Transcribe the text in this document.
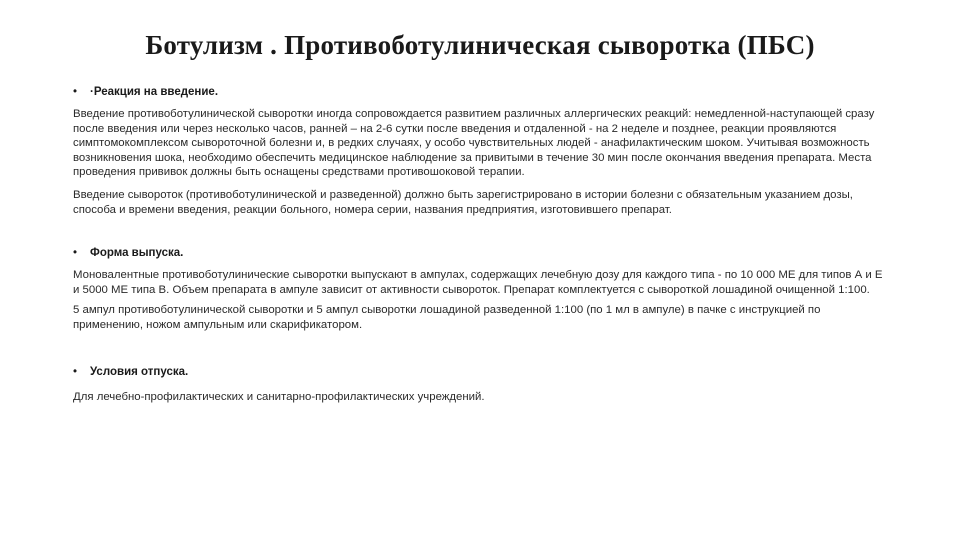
Ботулизм . Противоботулиническая сыворотка (ПБС)
•	·Реакция на введение.

Введение противоботулинической сыворотки иногда сопровождается развитием различных аллергических реакций: немедленной-наступающей сразу после введения или через несколько часов, ранней – на 2-6 сутки после введения и отдаленной - на 2 неделе и позднее, реакции проявляются симптомокомплексом сывороточной болезни и, в редких случаях, у особо чувствительных людей - анафилактическим шоком. Учитывая возможность возникновения шока, необходимо обеспечить медицинское наблюдение за привитыми в течение 30 мин после окончания введения препарата. Места проведения прививок должны быть оснащены средствами противошоковой терапии.

Введение сывороток (противоботулинической и разведенной) должно быть зарегистрировано в истории болезни с обязательным указанием дозы, способа и времени введения, реакции больного, номера серии, названия предприятия, изготовившего препарат.

•	Форма выпуска.

Моновалентные противоботулинические сыворотки выпускают в ампулах, содержащих лечебную дозу для каждого типа - по 10 000 МЕ для типов А и Е и 5000 МЕ типа В. Объем препарата в ампуле зависит от активности сывороток. Препарат комплектуется с сывороткой лошадиной очищенной 1:100.

5 ампул противоботулинической сыворотки и 5 ампул сыворотки лошадиной разведенной 1:100 (по 1 мл в ампуле) в пачке с инструкцией по применению, ножом ампульным или скарификатором.

•	Условия отпуска.

Для лечебно-профилактических и санитарно-профилактических учреждений.
